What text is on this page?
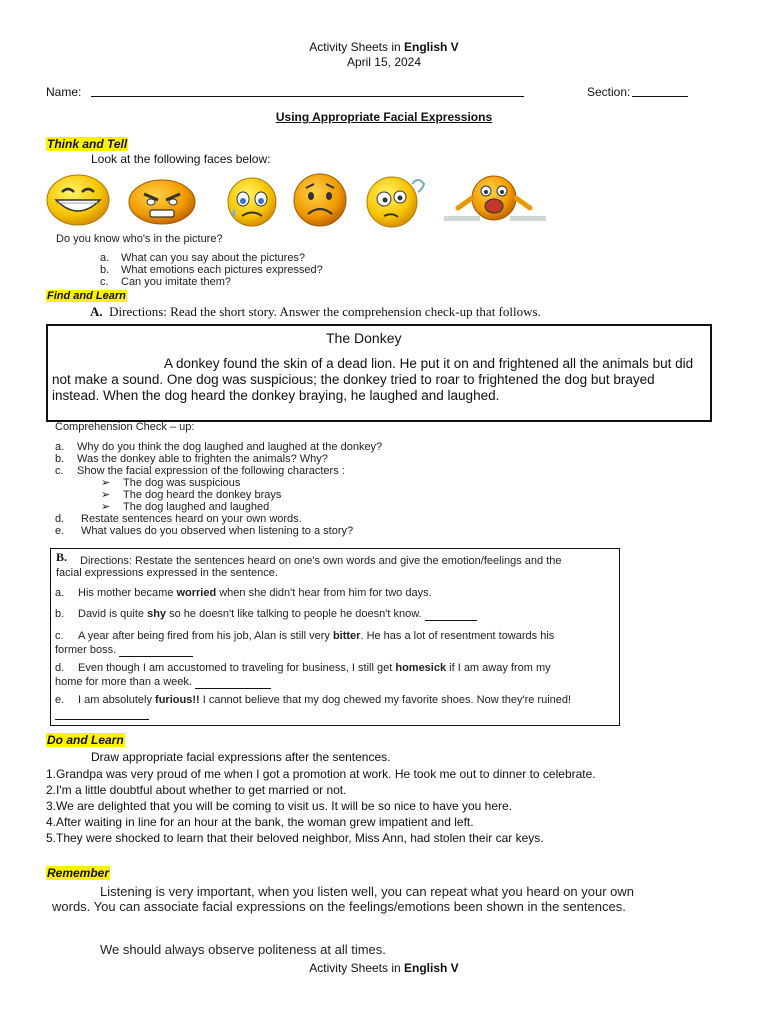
Activity Sheets in English V
April 15, 2024
Name:	Section:
Using Appropriate Facial Expressions
Think and Tell
Look at the following faces below:
Do you know who's in the picture?
a. What can you say about the pictures?
b. What emotions each pictures expressed?
c. Can you imitate them?
Find and Learn
A. Directions: Read the short story. Answer the comprehension check-up that follows.
The Donkey
A donkey found the skin of a dead lion. He put it on and frightened all the animals but did not make a sound. One dog was suspicious; the donkey tried to roar to frightened the dog but brayed instead. When the dog heard the donkey braying, he laughed and laughed.
Comprehension Check – up:
a. Why do you think the dog laughed and laughed at the donkey?
b. Was the donkey able to frighten the animals? Why?
c. Show the facial expression of the following characters :
➢ The dog was suspicious
➢ The dog heard the donkey brays
➢ The dog laughed and laughed
d. Restate sentences heard on your own words.
e. What values do you observed when listening to a story?
B.	Directions: Restate the sentences heard on one's own words and give the emotion/feelings and the facial expressions expressed in the sentence.
a. His mother became worried when she didn't hear from him for two days.
b. David is quite shy so he doesn't like talking to people he doesn't know.
c. A year after being fired from his job, Alan is still very bitter. He has a lot of resentment towards his former boss.
d. Even though I am accustomed to traveling for business, I still get homesick if I am away from my home for more than a week.
e. I am absolutely furious!! I cannot believe that my dog chewed my favorite shoes. Now they're ruined!
Do and Learn
Draw appropriate facial expressions after the sentences.
1.Grandpa was very proud of me when I got a promotion at work. He took me out to dinner to celebrate.
2.I'm a little doubtful about whether to get married or not.
3.We are delighted that you will be coming to visit us. It will be so nice to have you here.
4.After waiting in line for an hour at the bank, the woman grew impatient and left.
5.They were shocked to learn that their beloved neighbor, Miss Ann, had stolen their car keys.
Remember
Listening is very important, when you listen well, you can repeat what you heard on your own words. You can associate facial expressions on the feelings/emotions been shown in the sentences.
We should always observe politeness at all times.
Activity Sheets in English V
